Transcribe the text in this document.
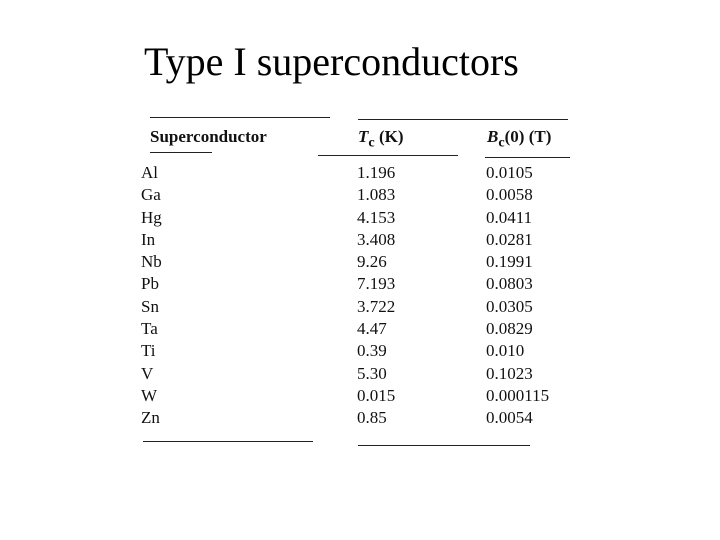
Type I superconductors
Superconductor	$T_c$ (K)	$B_c(0)$ (T)
Al
Ga
Hg
In
Nb
Pb
Sn
Ta
Ti
V
W
Zn
1.196
1.083
4.153
3.408
9.26
7.193
3.722
4.47
0.39
5.30
0.015
0.85
0.0105
0.0058
0.0411
0.0281
0.1991
0.0803
0.0305
0.0829
0.010
0.1023
0.000115
0.0054
